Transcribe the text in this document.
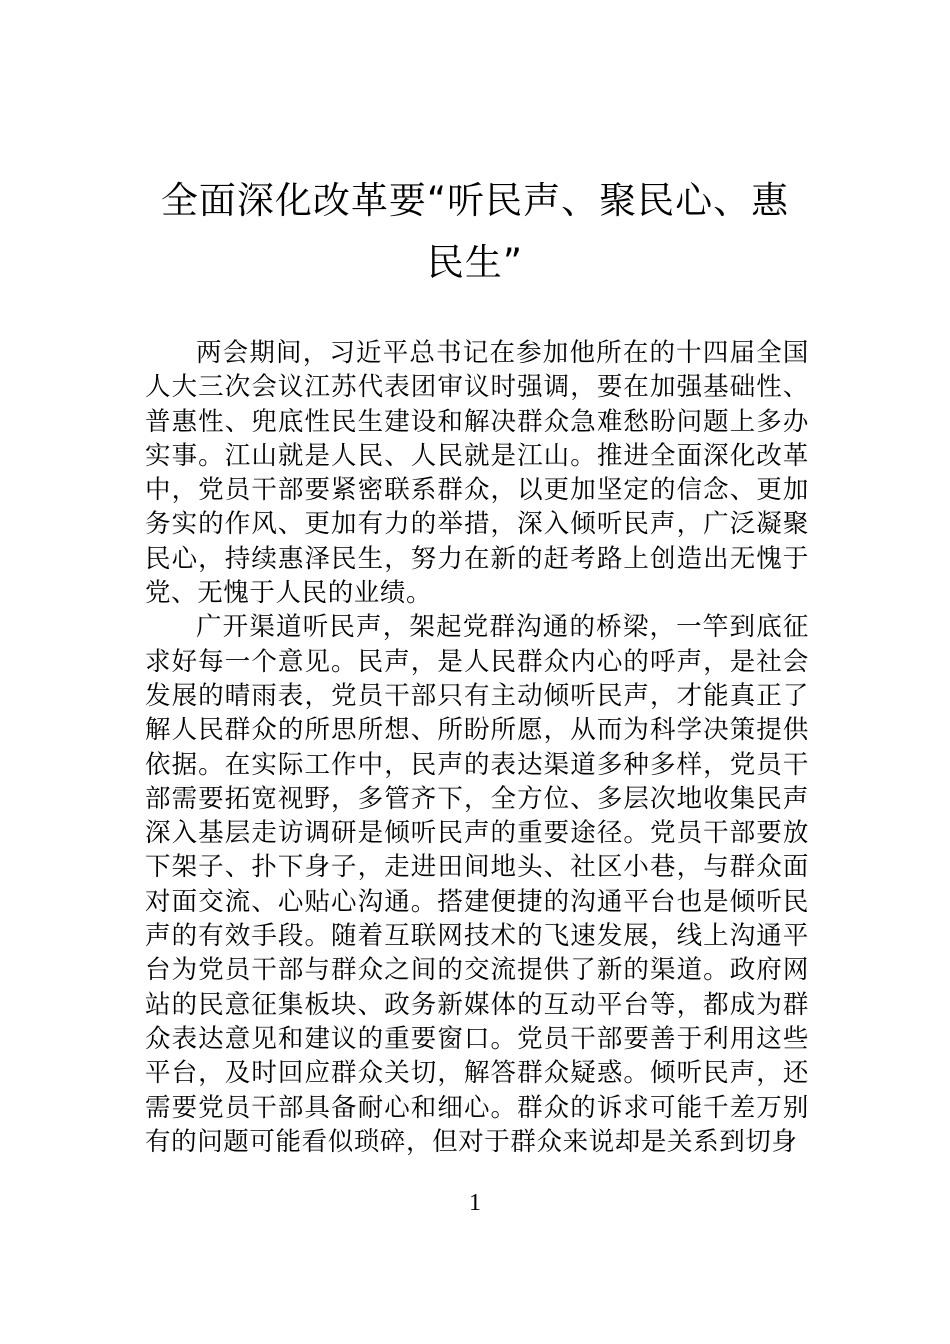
全面深化改革要“听民声、聚民心、惠民生”

两会期间，习近平总书记在参加他所在的十四届全国人大三次会议江苏代表团审议时强调，要在加强基础性、普惠性、兜底性民生建设和解决群众急难愁盼问题上多办实事。江山就是人民、人民就是江山。推进全面深化改革中，党员干部要紧密联系群众，以更加坚定的信念、更加务实的作风、更加有力的举措，深入倾听民声，广泛凝聚民心，持续惠泽民生，努力在新的赶考路上创造出无愧于党、无愧于人民的业绩。

广开渠道听民声，架起党群沟通的桥梁，一竿到底征求好每一个意见。民声，是人民群众内心的呼声，是社会发展的晴雨表，党员干部只有主动倾听民声，才能真正了解人民群众的所思所想、所盼所愿，从而为科学决策提供依据。在实际工作中，民声的表达渠道多种多样，党员干部需要拓宽视野，多管齐下，全方位、多层次地收集民声深入基层走访调研是倾听民声的重要途径。党员干部要放下架子、扑下身子，走进田间地头、社区小巷，与群众面对面交流、心贴心沟通。搭建便捷的沟通平台也是倾听民声的有效手段。随着互联网技术的飞速发展，线上沟通平台为党员干部与群众之间的交流提供了新的渠道。政府网站的民意征集板块、政务新媒体的互动平台等，都成为群众表达意见和建议的重要窗口。党员干部要善于利用这些平台，及时回应群众关切，解答群众疑惑。倾听民声，还需要党员干部具备耐心和细心。群众的诉求可能千差万别有的问题可能看似琐碎，但对于群众来说却是关系到切身

1
